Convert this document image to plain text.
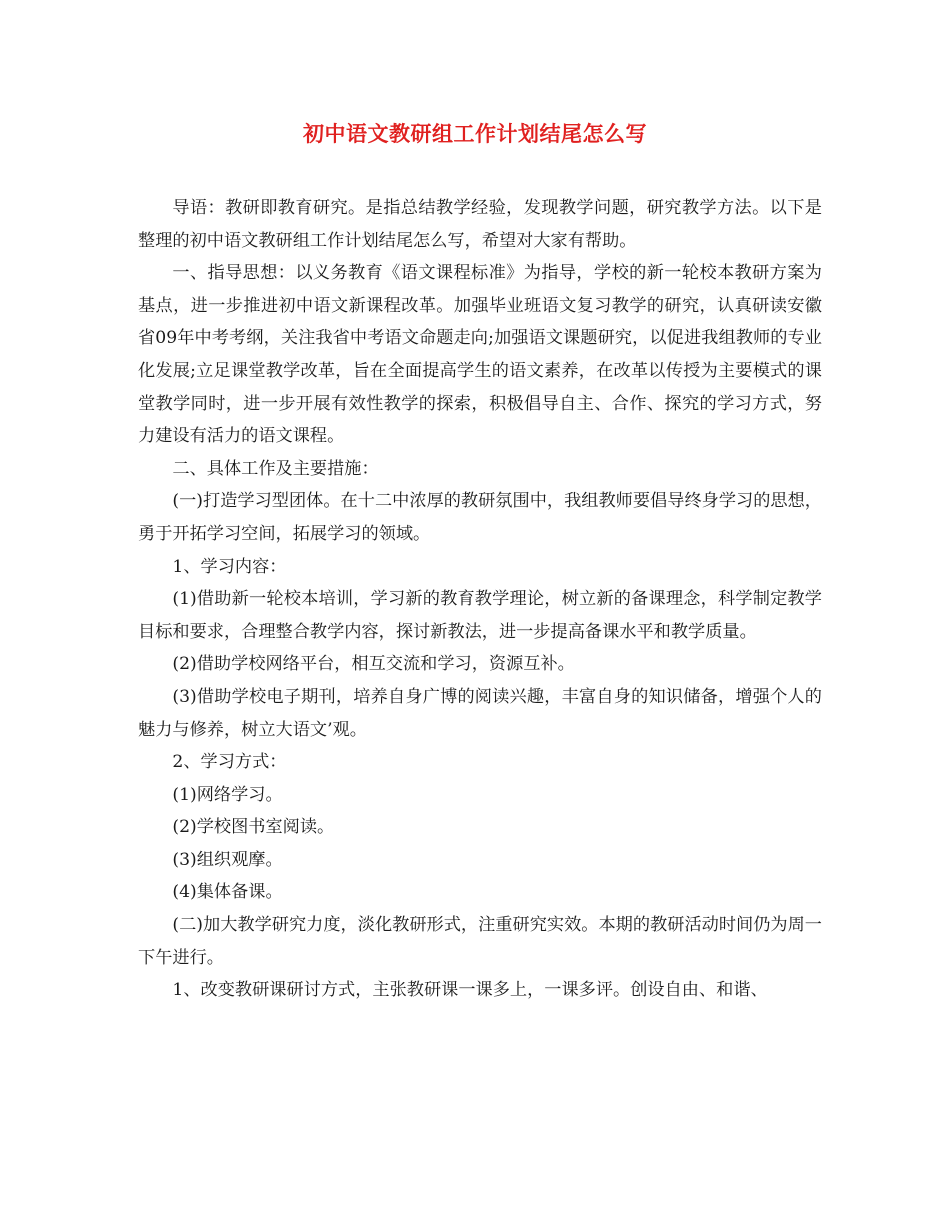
初中语文教研组工作计划结尾怎么写

导语：教研即教育研究。是指总结教学经验，发现教学问题，研究教学方法。以下是整理的初中语文教研组工作计划结尾怎么写，希望对大家有帮助。

一、指导思想：以义务教育《语文课程标准》为指导，学校的新一轮校本教研方案为基点，进一步推进初中语文新课程改革。加强毕业班语文复习教学的研究，认真研读安徽省09年中考考纲，关注我省中考语文命题走向;加强语文课题研究，以促进我组教师的专业化发展;立足课堂教学改革，旨在全面提高学生的语文素养，在改革以传授为主要模式的课堂教学同时，进一步开展有效性教学的探索，积极倡导自主、合作、探究的学习方式，努力建设有活力的语文课程。

二、具体工作及主要措施：

(一)打造学习型团体。在十二中浓厚的教研氛围中，我组教师要倡导终身学习的思想，勇于开拓学习空间，拓展学习的领域。

1、学习内容：

(1)借助新一轮校本培训，学习新的教育教学理论，树立新的备课理念，科学制定教学目标和要求，合理整合教学内容，探讨新教法，进一步提高备课水平和教学质量。

(2)借助学校网络平台，相互交流和学习，资源互补。

(3)借助学校电子期刊，培养自身广博的阅读兴趣，丰富自身的知识储备，增强个人的魅力与修养，树立大语文’观。

2、学习方式：

(1)网络学习。

(2)学校图书室阅读。

(3)组织观摩。

(4)集体备课。

(二)加大教学研究力度，淡化教研形式，注重研究实效。本期的教研活动时间仍为周一下午进行。

1、改变教研课研讨方式，主张教研课一课多上，一课多评。创设自由、和谐、
